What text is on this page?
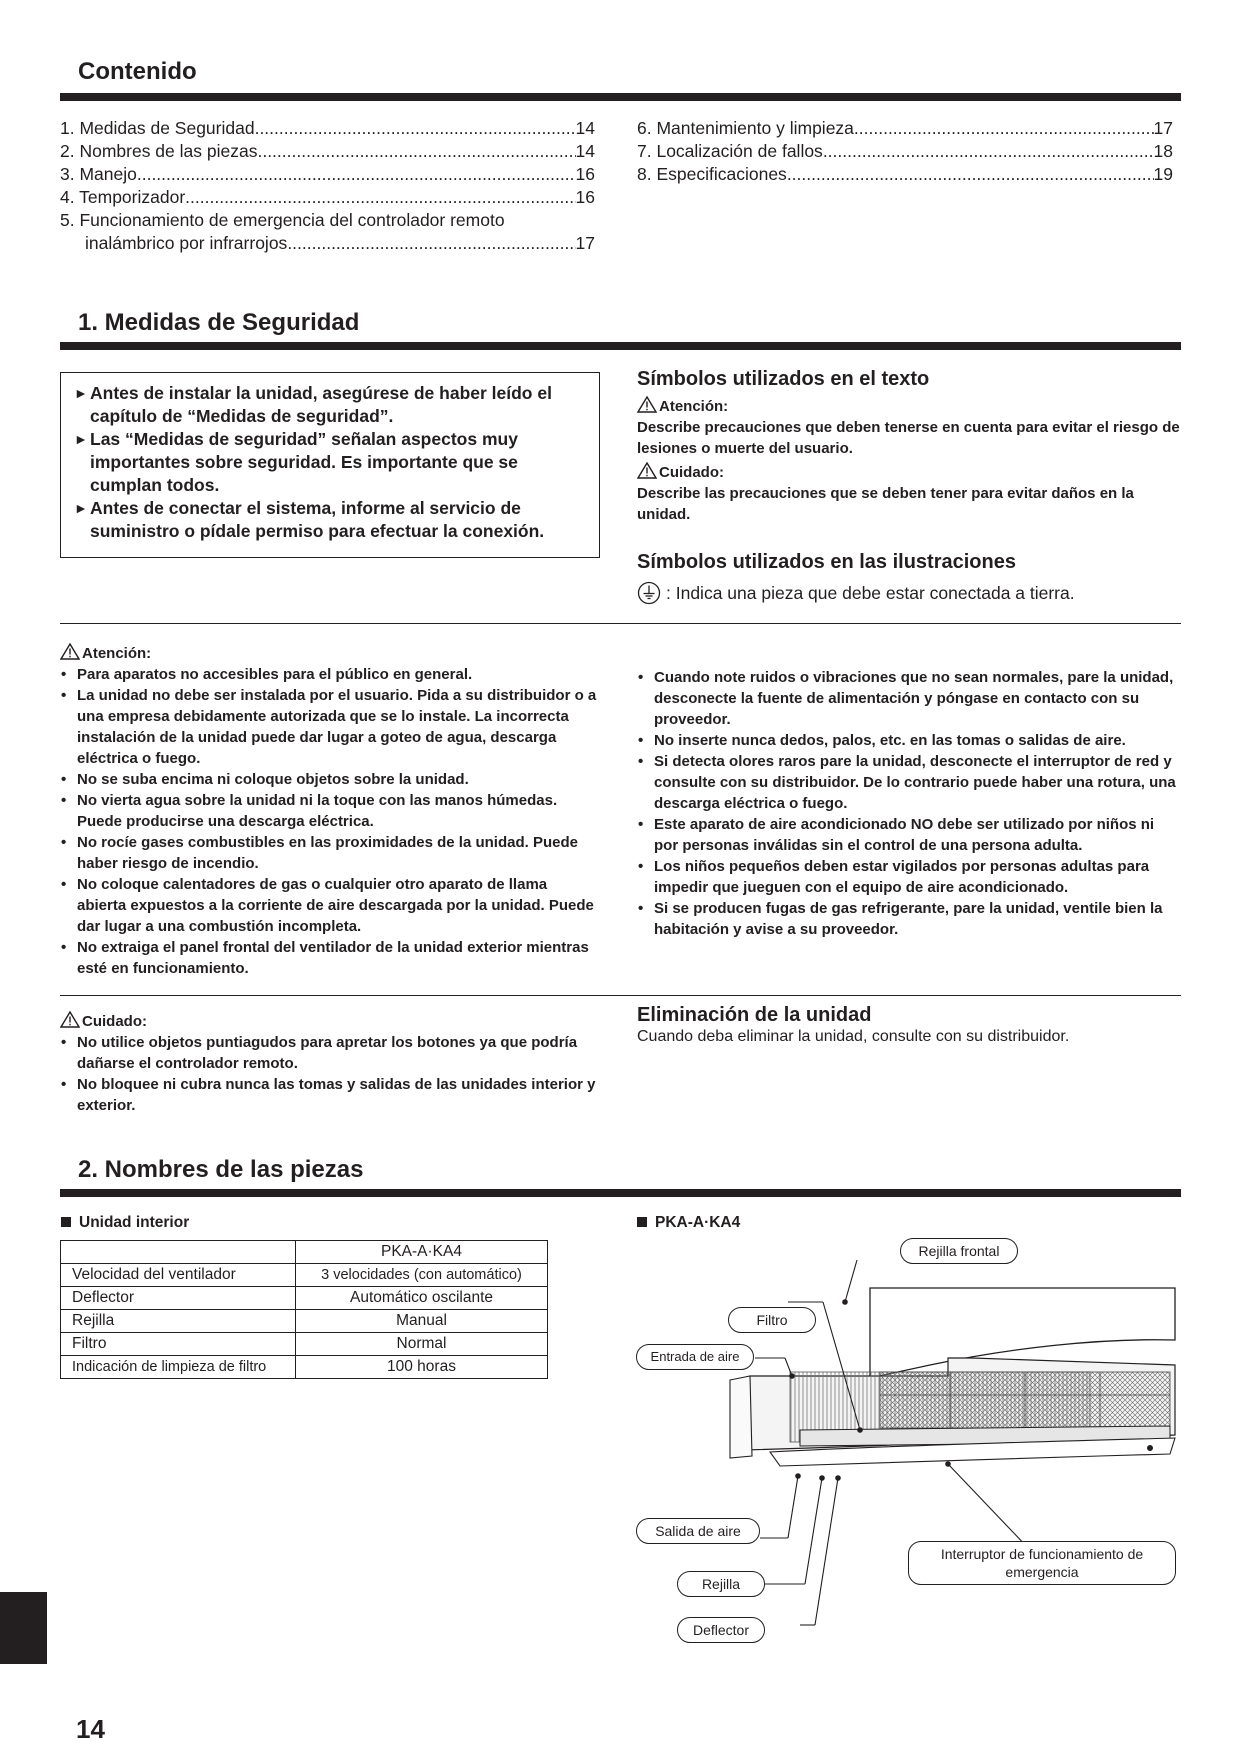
Contenido
1. Medidas de Seguridad .....	14
2. Nombres de las piezas .....	14
3. Manejo .....	16
4. Temporizador .....	16
5. Funcionamiento de emergencia del controlador remoto
inalámbrico por infrarrojos .....	17
6. Mantenimiento y limpieza .....	17
7. Localización de fallos .....	18
8. Especificaciones .....	19
1. Medidas de Seguridad
► Antes de instalar la unidad, asegúrese de haber leído el capítulo de “Medidas de seguridad”.
► Las “Medidas de seguridad” señalan aspectos muy importantes sobre seguridad. Es importante que se cumplan todos.
► Antes de conectar el sistema, informe al servicio de suministro o pídale permiso para efectuar la conexión.
Símbolos utilizados en el texto
Atención:
Describe precauciones que deben tenerse en cuenta para evitar el riesgo de lesiones o muerte del usuario.
Cuidado:
Describe las precauciones que se deben tener para evitar daños en la unidad.
Símbolos utilizados en las ilustraciones
: Indica una pieza que debe estar conectada a tierra.
Atención:
• Para aparatos no accesibles para el público en general.
• La unidad no debe ser instalada por el usuario. Pida a su distribuidor o a una empresa debidamente autorizada que se lo instale. La incorrecta instalación de la unidad puede dar lugar a goteo de agua, descarga eléctrica o fuego.
• No se suba encima ni coloque objetos sobre la unidad.
• No vierta agua sobre la unidad ni la toque con las manos húmedas. Puede producirse una descarga eléctrica.
• No rocíe gases combustibles en las proximidades de la unidad. Puede haber riesgo de incendio.
• No coloque calentadores de gas o cualquier otro aparato de llama abierta expuestos a la corriente de aire descargada por la unidad. Puede dar lugar a una combustión incompleta.
• No extraiga el panel frontal del ventilador de la unidad exterior mientras esté en funcionamiento.
• Cuando note ruidos o vibraciones que no sean normales, pare la unidad, desconecte la fuente de alimentación y póngase en contacto con su proveedor.
• No inserte nunca dedos, palos, etc. en las tomas o salidas de aire.
• Si detecta olores raros pare la unidad, desconecte el interruptor de red y consulte con su distribuidor. De lo contrario puede haber una rotura, una descarga eléctrica o fuego.
• Este aparato de aire acondicionado NO debe ser utilizado por niños ni por personas inválidas sin el control de una persona adulta.
• Los niños pequeños deben estar vigilados por personas adultas para impedir que jueguen con el equipo de aire acondicionado.
• Si se producen fugas de gas refrigerante, pare la unidad, ventile bien la habitación y avise a su proveedor.
Cuidado:
• No utilice objetos puntiagudos para apretar los botones ya que podría dañarse el controlador remoto.
• No bloquee ni cubra nunca las tomas y salidas de las unidades interior y exterior.
Eliminación de la unidad
Cuando deba eliminar la unidad, consulte con su distribuidor.
2. Nombres de las piezas
Unidad interior
	PKA-A·KA4
Velocidad del ventilador	3 velocidades (con automático)
Deflector	Automático oscilante
Rejilla	Manual
Filtro	Normal
Indicación de limpieza de filtro	100 horas
PKA-A·KA4
Rejilla frontal
Filtro
Entrada de aire
Salida de aire
Interruptor de funcionamiento de emergencia
Rejilla
Deflector
14
